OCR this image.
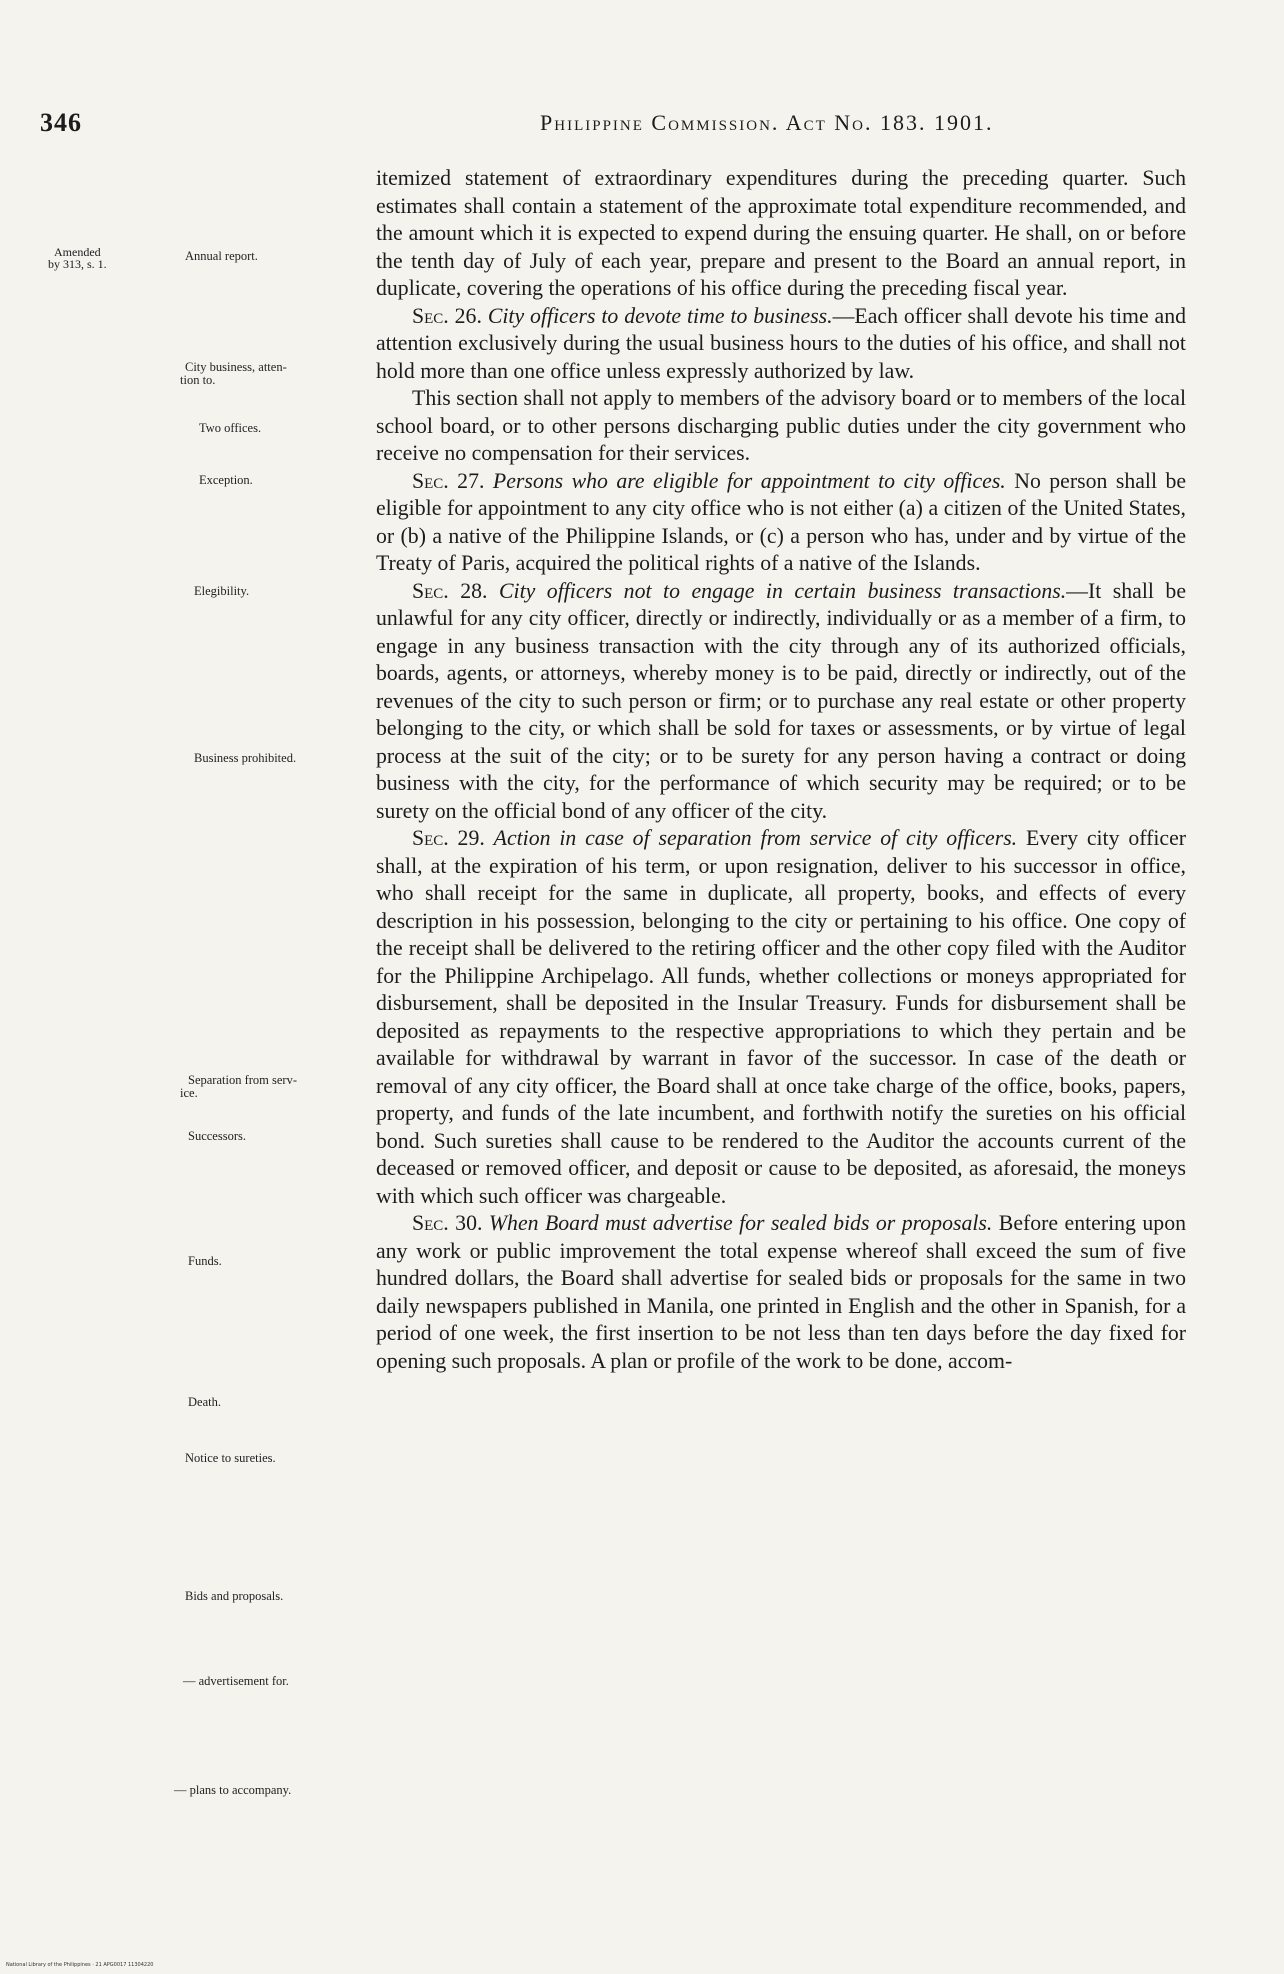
346	Philippine Commission. Act No. 183. 1901.
Amended
by 313, s. 1.
Annual report.
City business, atten-
tion to.
Two offices.
Exception.
Elegibility.
Business prohibited.
Separation from serv-
ice.
Successors.
Funds.
Death.
Notice to sureties.
Bids and proposals.
— advertisement for.
— plans to accompany.

itemized statement of extraordinary expenditures during the preceding quarter. Such estimates shall contain a statement of the approximate total expenditure recommended, and the amount which it is expected to expend during the ensuing quarter. He shall, on or before the tenth day of July of each year, prepare and present to the Board an annual report, in duplicate, covering the operations of his office during the preceding fiscal year.

Sec. 26. City officers to devote time to business.—Each officer shall devote his time and attention exclusively during the usual business hours to the duties of his office, and shall not hold more than one office unless expressly authorized by law.

This section shall not apply to members of the advisory board or to members of the local school board, or to other persons discharging public duties under the city government who receive no compensation for their services.

Sec. 27. Persons who are eligible for appointment to city offices. No person shall be eligible for appointment to any city office who is not either (a) a citizen of the United States, or (b) a native of the Philippine Islands, or (c) a person who has, under and by virtue of the Treaty of Paris, acquired the political rights of a native of the Islands.

Sec. 28. City officers not to engage in certain business transactions.—It shall be unlawful for any city officer, directly or indirectly, individually or as a member of a firm, to engage in any business transaction with the city through any of its authorized officials, boards, agents, or attorneys, whereby money is to be paid, directly or indirectly, out of the revenues of the city to such person or firm; or to purchase any real estate or other property belonging to the city, or which shall be sold for taxes or assessments, or by virtue of legal process at the suit of the city; or to be surety for any person having a contract or doing business with the city, for the performance of which security may be required; or to be surety on the official bond of any officer of the city.

Sec. 29. Action in case of separation from service of city officers. Every city officer shall, at the expiration of his term, or upon resignation, deliver to his successor in office, who shall receipt for the same in duplicate, all property, books, and effects of every description in his possession, belonging to the city or pertaining to his office. One copy of the receipt shall be delivered to the retiring officer and the other copy filed with the Auditor for the Philippine Archipelago. All funds, whether collections or moneys appropriated for disbursement, shall be deposited in the Insular Treasury. Funds for disbursement shall be deposited as repayments to the respective appropriations to which they pertain and be available for withdrawal by warrant in favor of the successor. In case of the death or removal of any city officer, the Board shall at once take charge of the office, books, papers, property, and funds of the late incumbent, and forthwith notify the sureties on his official bond. Such sureties shall cause to be rendered to the Auditor the accounts current of the deceased or removed officer, and deposit or cause to be deposited, as aforesaid, the moneys with which such officer was chargeable.

Sec. 30. When Board must advertise for sealed bids or proposals. Before entering upon any work or public improvement the total expense whereof shall exceed the sum of five hundred dollars, the Board shall advertise for sealed bids or proposals for the same in two daily newspapers published in Manila, one printed in English and the other in Spanish, for a period of one week, the first insertion to be not less than ten days before the day fixed for opening such proposals. A plan or profile of the work to be done, accom-

National Library of the Philippines · 21 APG0017 11304220
